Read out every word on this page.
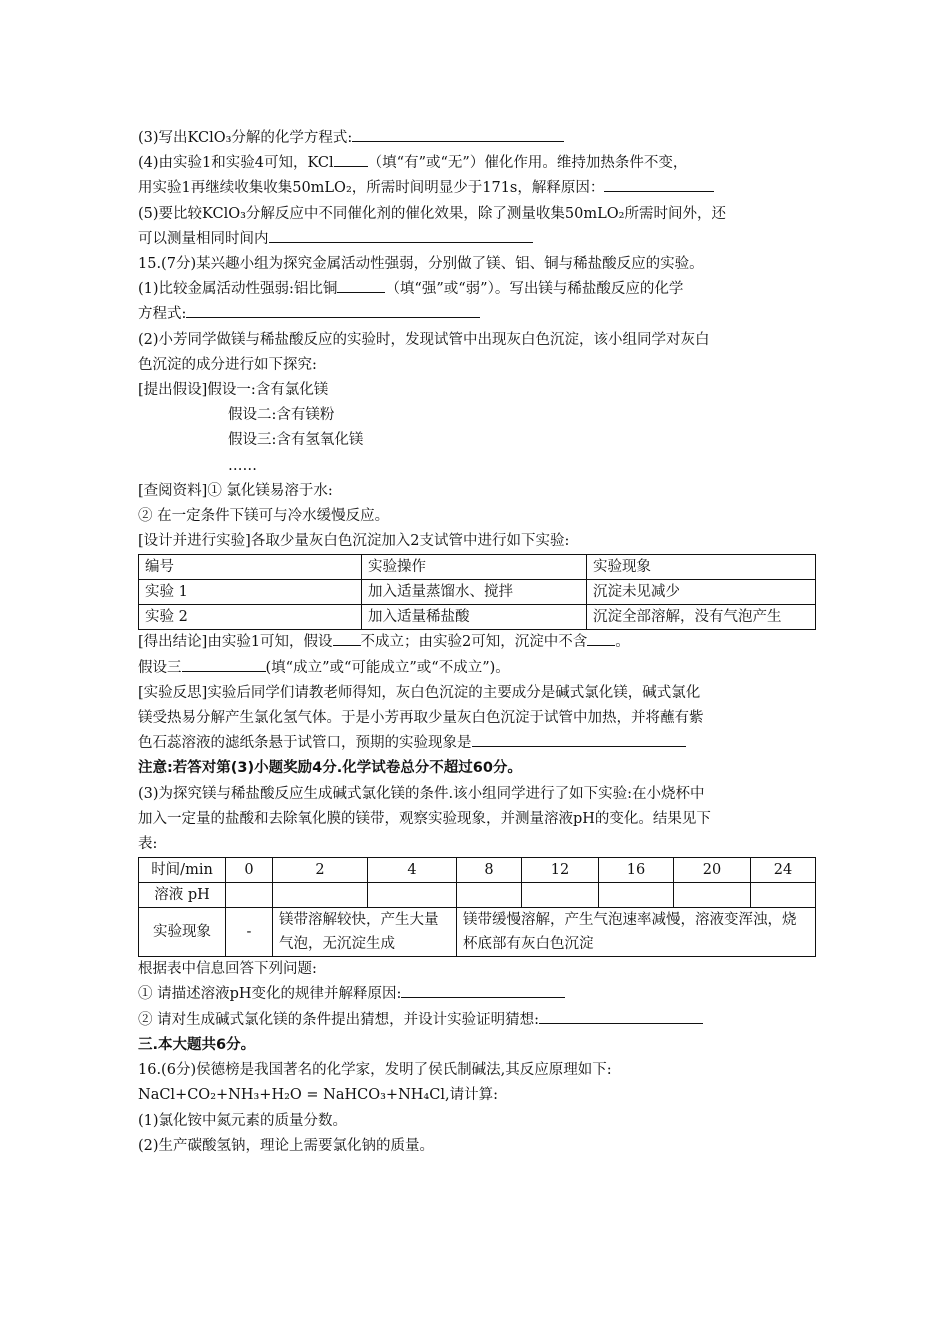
(3)写出KClO₃分解的化学方程式:
(4)由实验1和实验4可知，KCl （填“有”或“无”）催化作用。维持加热条件不变，
用实验1再继续收集收集50mLO₂，所需时间明显少于171s，解释原因：
(5)要比较KClO₃分解反应中不同催化剂的催化效果，除了测量收集50mLO₂所需时间外，还
可以测量相同时间内
15.(7分)某兴趣小组为探究金属活动性强弱，分别做了镁、铝、铜与稀盐酸反应的实验。
(1)比较金属活动性强弱:铝比铜	（填“强”或“弱”）。写出镁与稀盐酸反应的化学
方程式:
(2)小芳同学做镁与稀盐酸反应的实验时，发现试管中出现灰白色沉淀，该小组同学对灰白
色沉淀的成分进行如下探究:
[提出假设]假设一:含有氯化镁
假设二:含有镁粉
假设三:含有氢氧化镁
……
[查阅资料]① 氯化镁易溶于水:
② 在一定条件下镁可与冷水缓慢反应。
[设计并进行实验]各取少量灰白色沉淀加入2支试管中进行如下实验:
编号	实验操作	实验现象
实验 1	加入适量蒸馏水、搅拌	沉淀未见减少
实验 2	加入适量稀盐酸	沉淀全部溶解，没有气泡产生
[得出结论]由实验1可知，假设 不成立；由实验2可知，沉淀中不含 。
假设三	(填“成立”或“可能成立”或“不成立”)。
[实验反思]实验后同学们请教老师得知，灰白色沉淀的主要成分是碱式氯化镁，碱式氯化
镁受热易分解产生氯化氢气体。于是小芳再取少量灰白色沉淀于试管中加热，并将蘸有紫
色石蕊溶液的滤纸条悬于试管口，预期的实验现象是
注意:若答对第(3)小题奖励4分.化学试卷总分不超过60分。
(3)为探究镁与稀盐酸反应生成碱式氯化镁的条件.该小组同学进行了如下实验:在小烧杯中
加入一定量的盐酸和去除氧化膜的镁带，观察实验现象，并测量溶液pH的变化。结果见下
表:
时间/min	0	2	4	8	12	16	20	24
溶液 pH								
实验现象	-	镁带溶解较快，产生大量气泡，无沉淀生成		镁带缓慢溶解，产生气泡速率减慢，溶液变浑浊，烧杯底部有灰白色沉淀				
根据表中信息回答下列问题:
① 请描述溶液pH变化的规律并解释原因:
② 请对生成碱式氯化镁的条件提出猜想，并设计实验证明猜想:
三.本大题共6分。
16.(6分)侯德榜是我国著名的化学家，发明了侯氏制碱法,其反应原理如下:
NaCl+CO₂+NH₃+H₂O = NaHCO₃+NH₄Cl,请计算:
(1)氯化铵中氮元素的质量分数。
(2)生产碳酸氢钠，理论上需要氯化钠的质量。
